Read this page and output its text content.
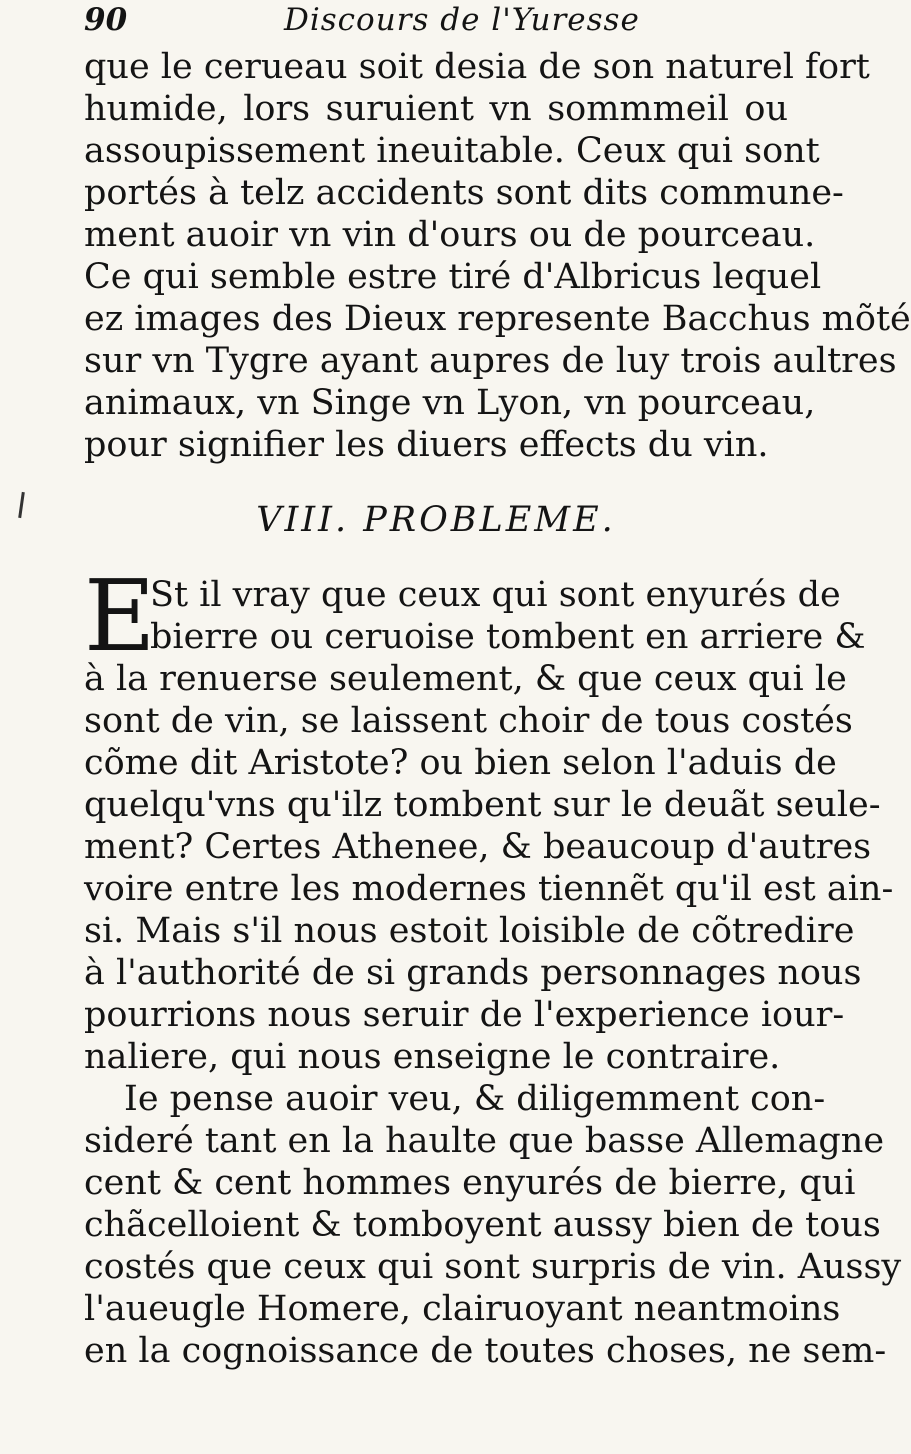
90	Discours de l'Yuresse
que le cerueau soit desia de son naturel fort
humide, lors suruient vn sommmeil ou
assoupissement ineuitable. Ceux qui sont
portés à telz accidents sont dits commune-
ment auoir vn vin d'ours ou de pourceau.
Ce qui semble estre tiré d'Albricus lequel
ez images des Dieux represente Bacchus mõté
sur vn Tygre ayant aupres de luy trois aultres
animaux, vn Singe vn Lyon, vn pourceau,
pour signifier les diuers effects du vin.
VIII. PROBLEME.
E
St il vray que ceux qui sont enyurés de
bierre ou ceruoise tombent en arriere &
à la renuerse seulement, & que ceux qui le
sont de vin, se laissent choir de tous costés
cõme dit Aristote? ou bien selon l'aduis de
quelqu'vns qu'ilz tombent sur le deuãt seule-
ment? Certes Athenee, & beaucoup d'autres
voire entre les modernes tiennẽt qu'il est ain-
si. Mais s'il nous estoit loisible de cõtredire
à l'authorité de si grands personnages nous
pourrions nous seruir de l'experience iour-
naliere, qui nous enseigne le contraire.
Ie pense auoir veu, & diligemment con-
sideré tant en la haulte que basse Allemagne
cent & cent hommes enyurés de bierre, qui
chãcelloient & tomboyent aussy bien de tous
costés que ceux qui sont surpris de vin. Aussy
l'aueugle Homere, clairuoyant neantmoins
en la cognoissance de toutes choses, ne sem-
